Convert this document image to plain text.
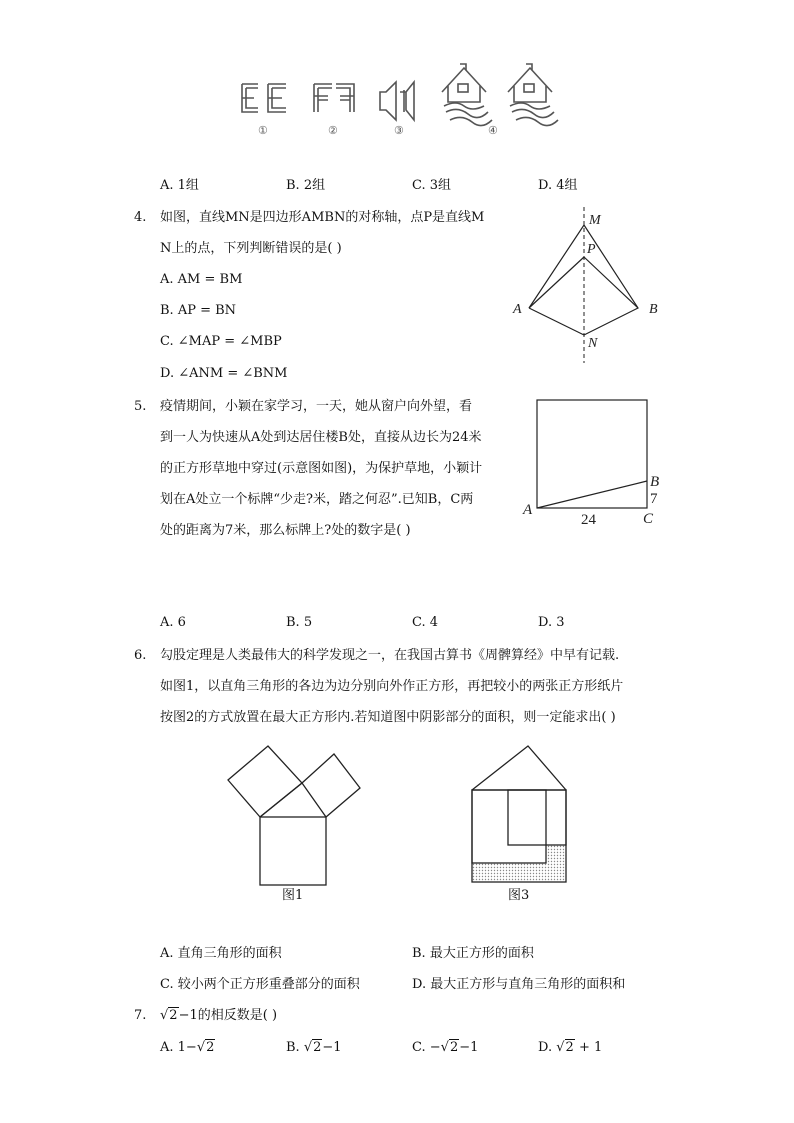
①	②	③	④
A. 1组	B. 2组	C. 3组	D. 4组
4. 如图，直线MN是四边形AMBN的对称轴，点P是直线M
N上的点，下列判断错误的是( )
A. AM = BM
B. AP = BN
C. ∠MAP = ∠MBP
D. ∠ANM = ∠BNM
M
P
A	B
N
5. 疫情期间，小颖在家学习，一天，她从窗户向外望，看
到一人为快速从A处到达居住楼B处，直接从边长为24米
的正方形草地中穿过(示意图如图)，为保护草地，小颖计
划在A处立一个标牌“少走?米，踏之何忍”.已知B，C两
处的距离为7米，那么标牌上?处的数字是( )
A
B
C
24
7
A. 6	B. 5	C. 4	D. 3
6. 勾股定理是人类最伟大的科学发现之一，在我国古算书《周髀算经》中早有记载.
如图1，以直角三角形的各边为边分别向外作正方形，再把较小的两张正方形纸片
按图2的方式放置在最大正方形内.若知道图中阴影部分的面积，则一定能求出( )
图1	图3
A. 直角三角形的面积	B. 最大正方形的面积
C. 较小两个正方形重叠部分的面积	D. 最大正方形与直角三角形的面积和
7. √2−1的相反数是( )
A. 1−√2	B. √2−1	C. −√2−1	D. √2 + 1
